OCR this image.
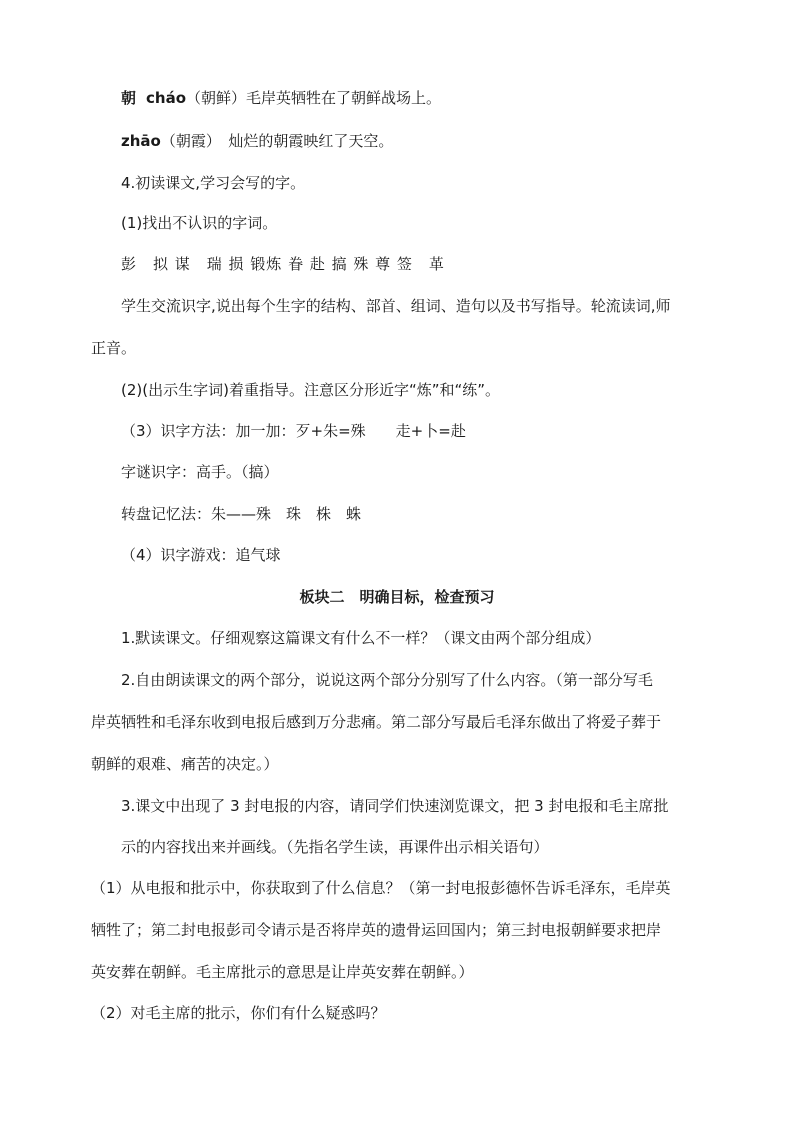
朝 cháo（朝鲜）毛岸英牺牲在了朝鲜战场上。
zhāo（朝霞）　灿烂的朝霞映红了天空。
4.初读课文,学习会写的字。
(1)找出不认识的字词。
彭　拟 谋　瑞 损 锻炼 眷 赴 搞 殊 尊 签　革
学生交流识字,说出每个生字的结构、部首、组词、造句以及书写指导。轮流读词,师
正音。
(2)(出示生字词)着重指导。注意区分形近字“炼”和“练”。
（3）识字方法：加一加：歹+朱=殊　　走+卜=赴
字谜识字：高手。（搞）
转盘记忆法：朱——殊　珠　株　蛛
（4）识字游戏：追气球
板块二　明确目标，检查预习
1.默读课文。仔细观察这篇课文有什么不一样？（课文由两个部分组成）
2.自由朗读课文的两个部分，说说这两个部分分别写了什么内容。（第一部分写毛
岸英牺牲和毛泽东收到电报后感到万分悲痛。第二部分写最后毛泽东做出了将爱子葬于
朝鲜的艰难、痛苦的决定。）
3.课文中出现了 3 封电报的内容，请同学们快速浏览课文，把 3 封电报和毛主席批
示的内容找出来并画线。（先指名学生读，再课件出示相关语句）
（1）从电报和批示中，你获取到了什么信息？（第一封电报彭德怀告诉毛泽东，毛岸英
牺牲了；第二封电报彭司令请示是否将岸英的遗骨运回国内；第三封电报朝鲜要求把岸
英安葬在朝鲜。毛主席批示的意思是让岸英安葬在朝鲜。）
（2）对毛主席的批示，你们有什么疑惑吗？
